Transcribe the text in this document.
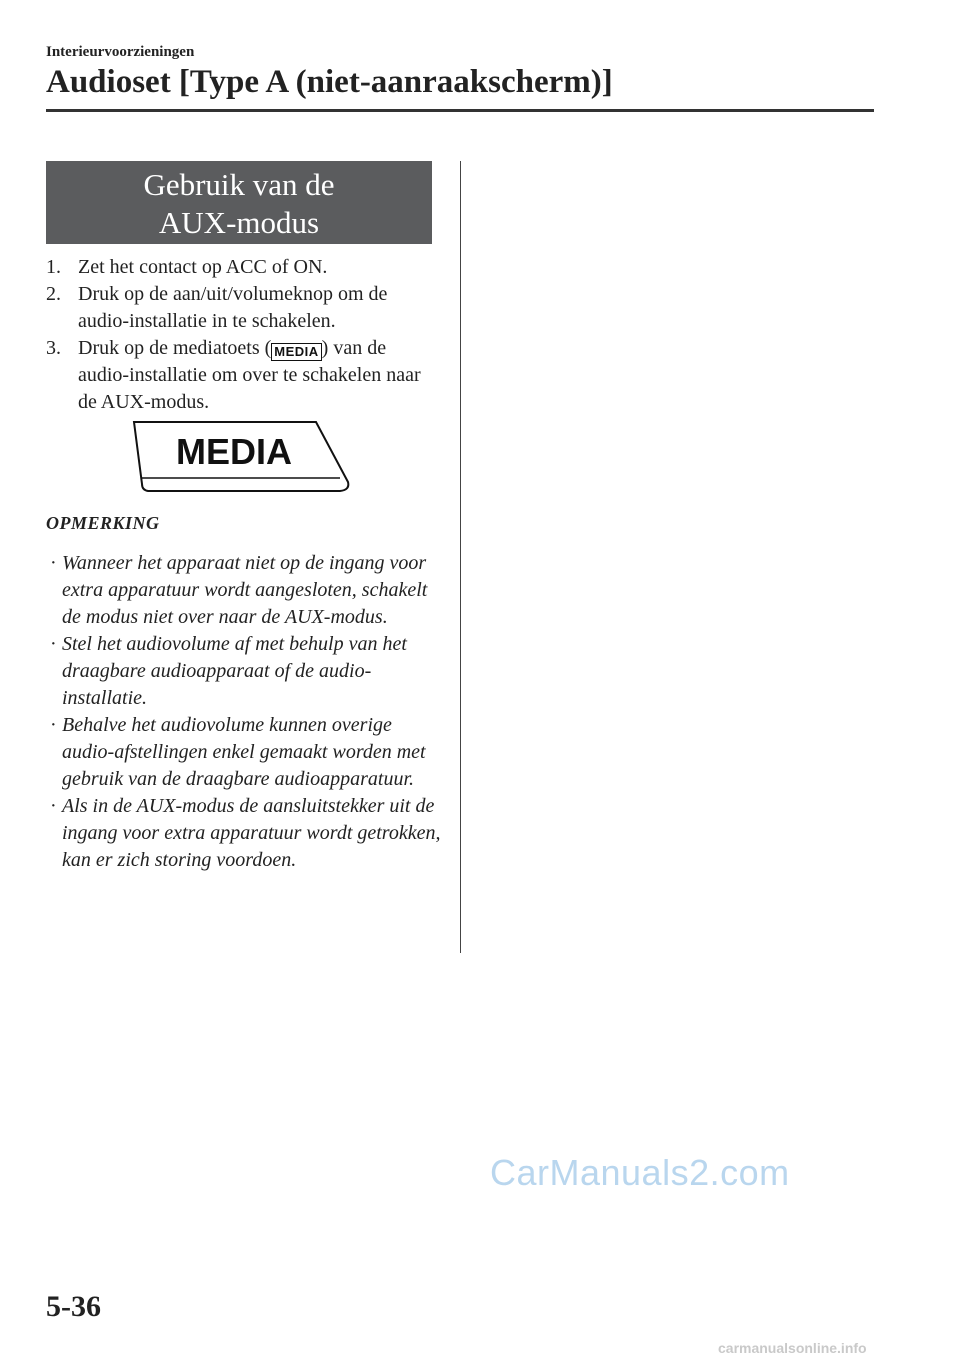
Interieurvoorzieningen
Audioset [Type A (niet-aanraakscherm)]
Gebruik van de
AUX-modus
1. Zet het contact op ACC of ON.
2. Druk op de aan/uit/volumeknop om de audio-installatie in te schakelen.
3. Druk op de mediatoets ( MEDIA ) van de audio-installatie om over te schakelen naar de AUX-modus.
MEDIA
OPMERKING
· Wanneer het apparaat niet op de ingang voor extra apparatuur wordt aangesloten, schakelt de modus niet over naar de AUX-modus.
· Stel het audiovolume af met behulp van het draagbare audioapparaat of de audio-installatie.
· Behalve het audiovolume kunnen overige audio-afstellingen enkel gemaakt worden met gebruik van de draagbare audioapparatuur.
· Als in de AUX-modus de aansluitstekker uit de ingang voor extra apparatuur wordt getrokken, kan er zich storing voordoen.
CarManuals2.com
5-36
carmanualsonline.info
